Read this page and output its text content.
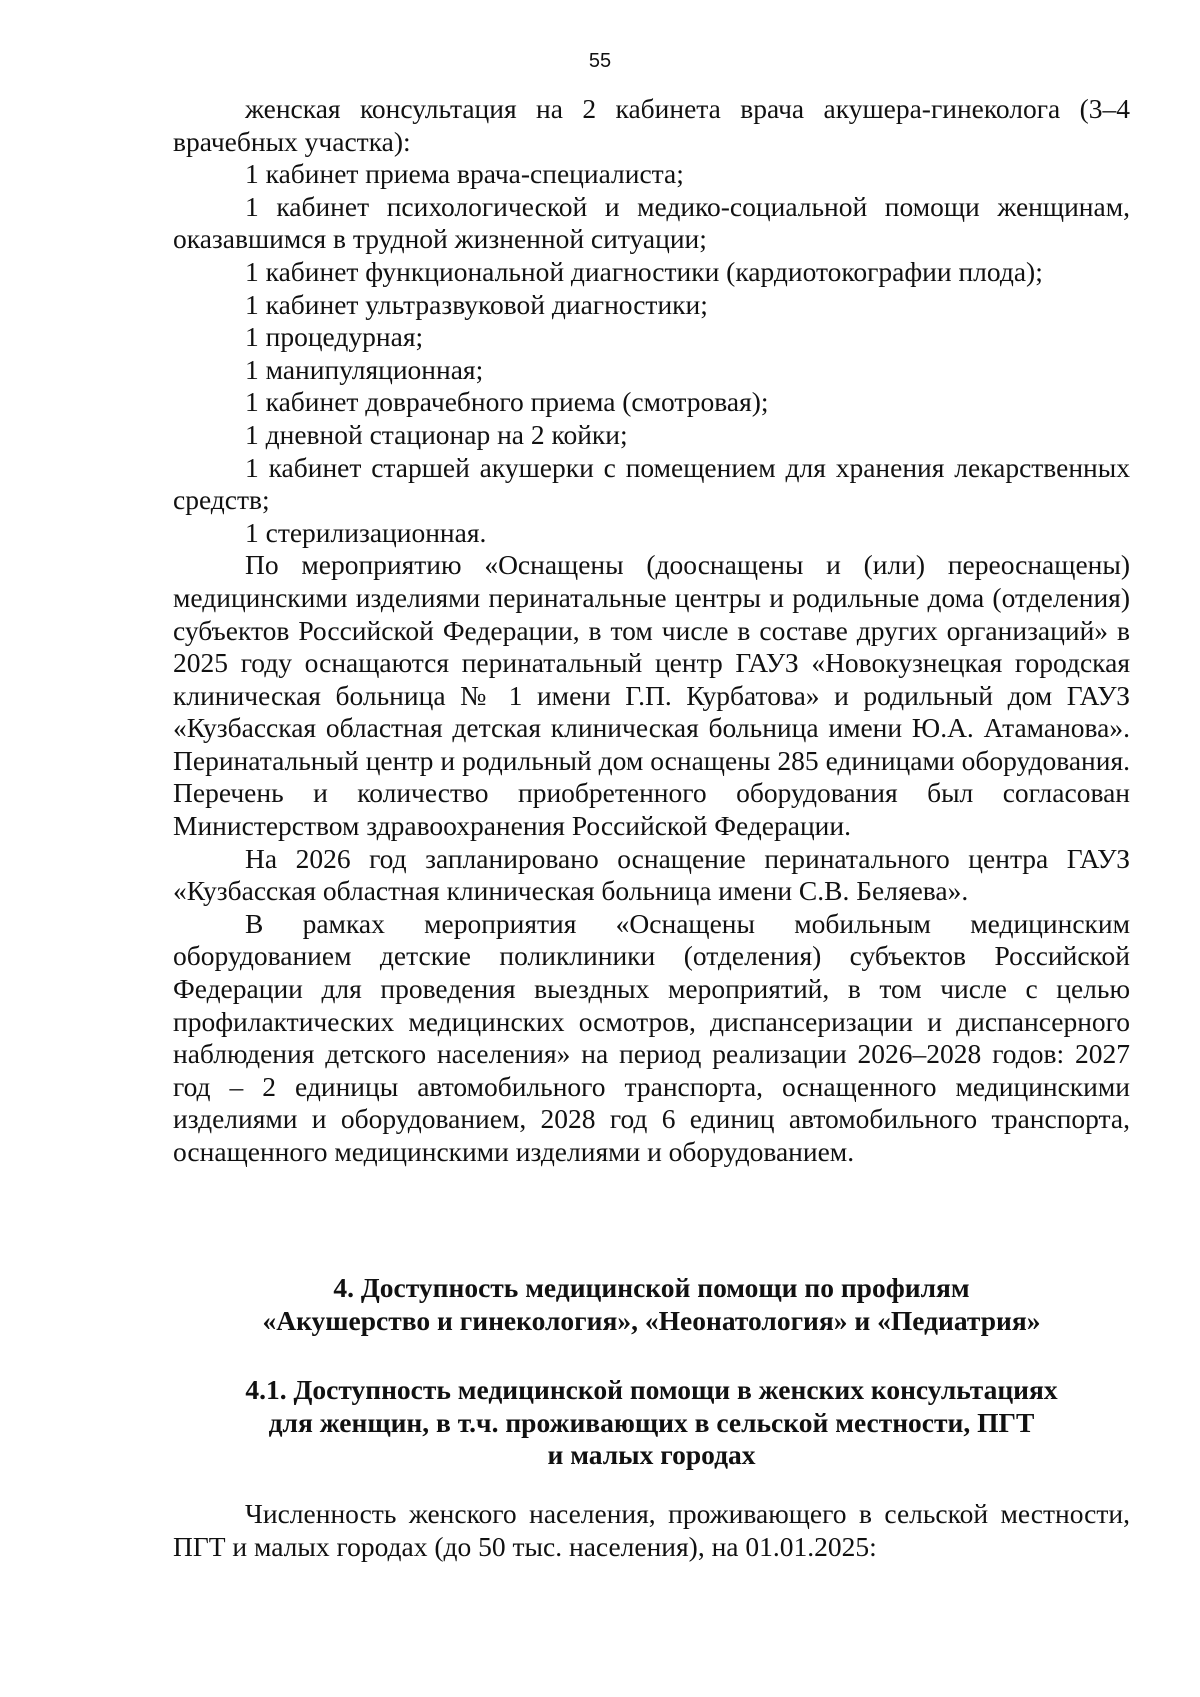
55

женская консультация на 2 кабинета врача акушера-гинеколога (3–4 врачебных участка):

1 кабинет приема врача-специалиста;

1 кабинет психологической и медико-социальной помощи женщинам, оказавшимся в трудной жизненной ситуации;

1 кабинет функциональной диагностики (кардиотокографии плода);

1 кабинет ультразвуковой диагностики;

1 процедурная;

1 манипуляционная;

1 кабинет доврачебного приема (смотровая);

1 дневной стационар на 2 койки;

1 кабинет старшей акушерки с помещением для хранения лекарственных средств;

1 стерилизационная.

По мероприятию «Оснащены (дооснащены и (или) переоснащены) медицинскими изделиями перинатальные центры и родильные дома (отделения) субъектов Российской Федерации, в том числе в составе других организаций» в 2025 году оснащаются перинатальный центр ГАУЗ «Новокузнецкая городская клиническая больница № 1 имени Г.П. Курбатова» и родильный дом ГАУЗ «Кузбасская областная детская клиническая больница имени Ю.А. Атаманова». Перинатальный центр и родильный дом оснащены 285 единицами оборудования. Перечень и количество приобретенного оборудования был согласован Министерством здравоохранения Российской Федерации.

На 2026 год запланировано оснащение перинатального центра ГАУЗ «Кузбасская областная клиническая больница имени С.В. Беляева».

В рамках мероприятия «Оснащены мобильным медицинским оборудованием детские поликлиники (отделения) субъектов Российской Федерации для проведения выездных мероприятий, в том числе с целью профилактических медицинских осмотров, диспансеризации и диспансерного наблюдения детского населения» на период реализации 2026–2028 годов: 2027 год – 2 единицы автомобильного транспорта, оснащенного медицинскими изделиями и оборудованием, 2028 год 6 единиц автомобильного транспорта, оснащенного медицинскими изделиями и оборудованием.

4. Доступность медицинской помощи по профилям
«Акушерство и гинекология», «Неонатология» и «Педиатрия»
4.1. Доступность медицинской помощи в женских консультациях
для женщин, в т.ч. проживающих в сельской местности, ПГТ
и малых городах

Численность женского населения, проживающего в сельской местности, ПГТ и малых городах (до 50 тыс. населения), на 01.01.2025:
